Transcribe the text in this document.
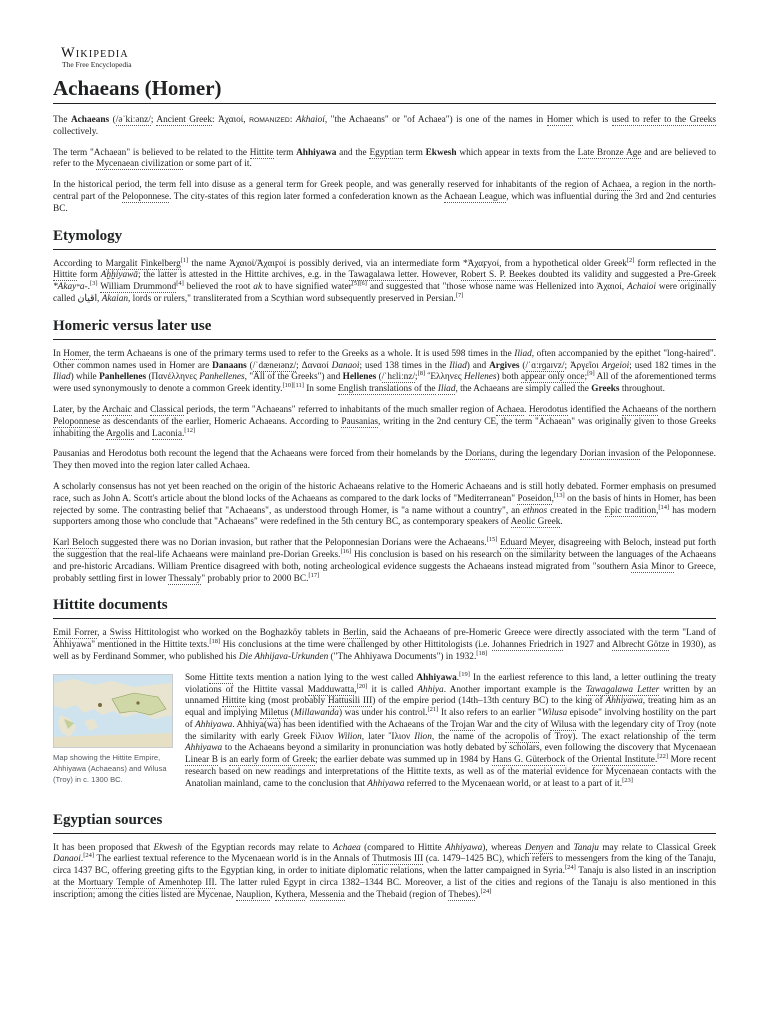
Wikipedia
The Free Encyclopedia
Achaeans (Homer)

The Achaeans (/əˈkiːənz/; Ancient Greek: Ἀχαιοί, ROMANIZED: Akhaioí, "the Achaeans" or "of Achaea") is one of the names in Homer which is used to refer to the Greeks collectively.

The term "Achaean" is believed to be related to the Hittite term Ahhiyawa and the Egyptian term Ekwesh which appear in texts from the Late Bronze Age and are believed to refer to the Mycenaean civilization or some part of it.

In the historical period, the term fell into disuse as a general term for Greek people, and was generally reserved for inhabitants of the region of Achaea, a region in the north-central part of the Peloponnese. The city-states of this region later formed a confederation known as the Achaean League, which was influential during the 3rd and 2nd centuries BC.

Etymology

According to Margalit Finkelberg[1] the name Ἀχαιοί/Ἀχαιϝοί is possibly derived, via an intermediate form *Ἀχαϝyοί, from a hypothetical older Greek[2] form reflected in the Hittite form Aḫḫiyawā; the latter is attested in the Hittite archives, e.g. in the Tawagalawa letter. However, Robert S. P. Beekes doubted its validity and suggested a Pre-Greek *Akayʷa-.[3] William Drummond[4] believed the root ak to have signified water[5][6] and suggested that "those whose name was Hellenized into Ἀχαιοί, Achaioi were originally called اقیان, Akaian, lords or rulers," transliterated from a Scythian word subsequently preserved in Persian.[7]

Homeric versus later use

In Homer, the term Achaeans is one of the primary terms used to refer to the Greeks as a whole. It is used 598 times in the Iliad, often accompanied by the epithet "long-haired". Other common names used in Homer are Danaans (/ˈdæneɪənz/; Δαναοί Danaoi; used 138 times in the Iliad) and Argives (/ˈɑːrɡaɪvz/; Ἀργεῖοι Argeioi; used 182 times in the Iliad) while Panhellenes (Πανέλληνες Panhellenes, "All of the Greeks") and Hellenes (/ˈhɛliːnz/;[8] Ἕλληνες Hellenes) both appear only once;[9] All of the aforementioned terms were used synonymously to denote a common Greek identity.[10][11] In some English translations of the Iliad, the Achaeans are simply called the Greeks throughout.

Later, by the Archaic and Classical periods, the term "Achaeans" referred to inhabitants of the much smaller region of Achaea. Herodotus identified the Achaeans of the northern Peloponnese as descendants of the earlier, Homeric Achaeans. According to Pausanias, writing in the 2nd century CE, the term "Achaean" was originally given to those Greeks inhabiting the Argolis and Laconia.[12]

Pausanias and Herodotus both recount the legend that the Achaeans were forced from their homelands by the Dorians, during the legendary Dorian invasion of the Peloponnese. They then moved into the region later called Achaea.

A scholarly consensus has not yet been reached on the origin of the historic Achaeans relative to the Homeric Achaeans and is still hotly debated. Former emphasis on presumed race, such as John A. Scott's article about the blond locks of the Achaeans as compared to the dark locks of "Mediterranean" Poseidon,[13] on the basis of hints in Homer, has been rejected by some. The contrasting belief that "Achaeans", as understood through Homer, is "a name without a country", an ethnos created in the Epic tradition,[14] has modern supporters among those who conclude that "Achaeans" were redefined in the 5th century BC, as contemporary speakers of Aeolic Greek.

Karl Beloch suggested there was no Dorian invasion, but rather that the Peloponnesian Dorians were the Achaeans.[15] Eduard Meyer, disagreeing with Beloch, instead put forth the suggestion that the real-life Achaeans were mainland pre-Dorian Greeks.[16] His conclusion is based on his research on the similarity between the languages of the Achaeans and pre-historic Arcadians. William Prentice disagreed with both, noting archeological evidence suggests the Achaeans instead migrated from "southern Asia Minor to Greece, probably settling first in lower Thessaly" probably prior to 2000 BC.[17]

Hittite documents

Emil Forrer, a Swiss Hittitologist who worked on the Boghazköy tablets in Berlin, said the Achaeans of pre-Homeric Greece were directly associated with the term "Land of Ahhiyawa" mentioned in the Hittite texts.[18] His conclusions at the time were challenged by other Hittitologists (i.e. Johannes Friedrich in 1927 and Albrecht Götze in 1930), as well as by Ferdinand Sommer, who published his Die Ahhijava-Urkunden ("The Ahhiyawa Documents") in 1932.[18]

Map showing the Hittite Empire, Ahhiyawa (Achaeans) and Wilusa (Troy) in c. 1300 BC.

Some Hittite texts mention a nation lying to the west called Ahhiyawa.[19] In the earliest reference to this land, a letter outlining the treaty violations of the Hittite vassal Madduwatta,[20] it is called Ahhiya. Another important example is the Tawagalawa Letter written by an unnamed Hittite king (most probably Hattusili III) of the empire period (14th–13th century BC) to the king of Ahhiyawa, treating him as an equal and implying Miletus (Millawanda) was under his control.[21] It also refers to an earlier "Wilusa episode" involving hostility on the part of Ahhiyawa. Ahhiya(wa) has been identified with the Achaeans of the Trojan War and the city of Wilusa with the legendary city of Troy (note the similarity with early Greek Ϝίλιον Wilion, later Ἴλιον Ilion, the name of the acropolis of Troy). The exact relationship of the term Ahhiyawa to the Achaeans beyond a similarity in pronunciation was hotly debated by scholars, even following the discovery that Mycenaean Linear B is an early form of Greek; the earlier debate was summed up in 1984 by Hans G. Güterbock of the Oriental Institute.[22] More recent research based on new readings and interpretations of the Hittite texts, as well as of the material evidence for Mycenaean contacts with the Anatolian mainland, came to the conclusion that Ahhiyawa referred to the Mycenaean world, or at least to a part of it.[23]

Egyptian sources

It has been proposed that Ekwesh of the Egyptian records may relate to Achaea (compared to Hittite Ahhiyawa), whereas Denyen and Tanaju may relate to Classical Greek Danaoi.[24] The earliest textual reference to the Mycenaean world is in the Annals of Thutmosis III (ca. 1479–1425 BC), which refers to messengers from the king of the Tanaju, circa 1437 BC, offering greeting gifts to the Egyptian king, in order to initiate diplomatic relations, when the latter campaigned in Syria.[24] Tanaju is also listed in an inscription at the Mortuary Temple of Amenhotep III. The latter ruled Egypt in circa 1382–1344 BC. Moreover, a list of the cities and regions of the Tanaju is also mentioned in this inscription; among the cities listed are Mycenae, Nauplion, Kythera, Messenia and the Thebaid (region of Thebes).[24]
